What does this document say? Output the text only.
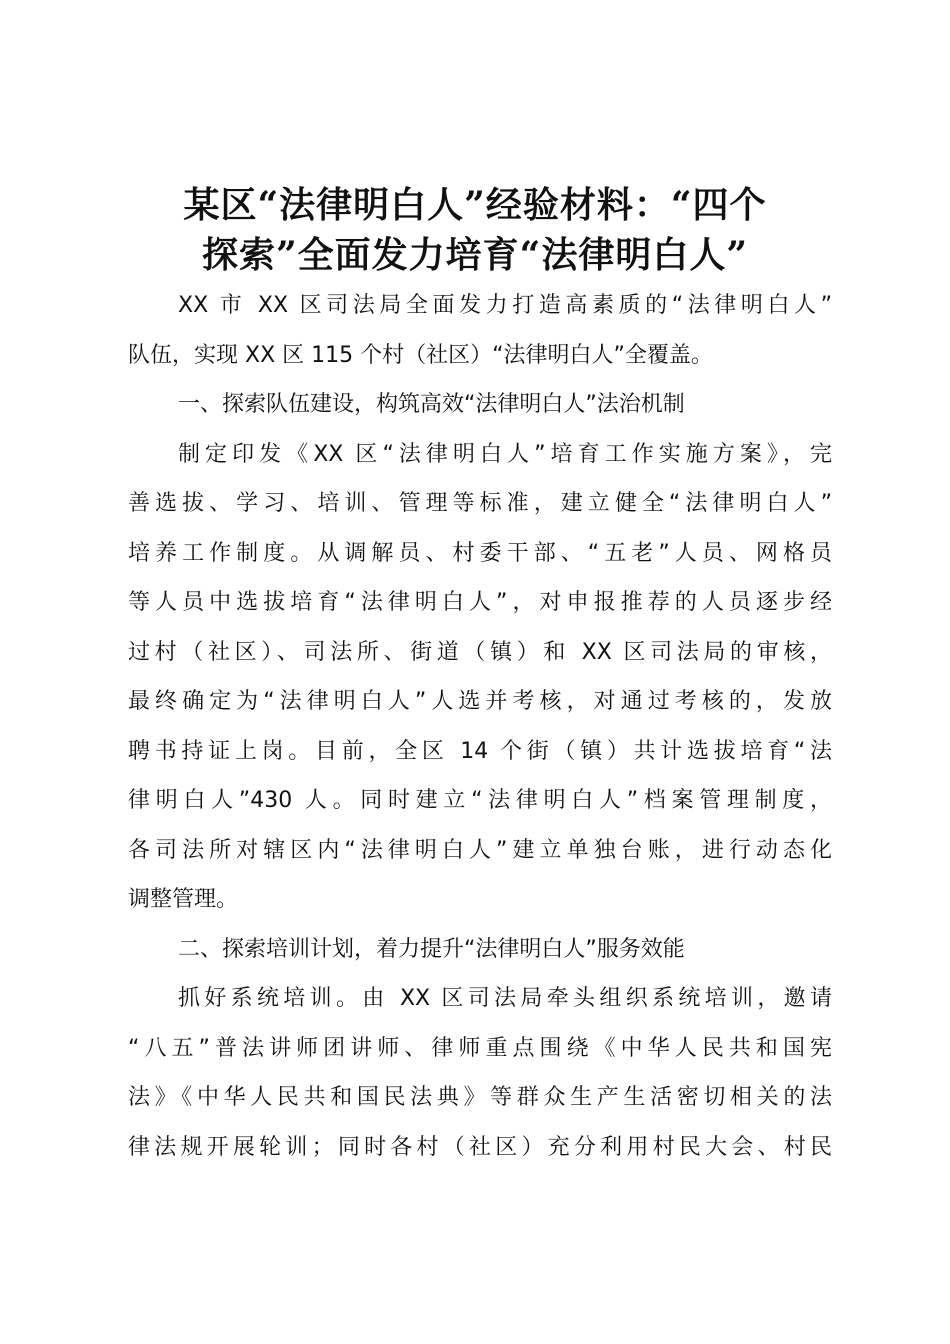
某区“法律明白人”经验材料：“四个
探索”全面发力培育“法律明白人”
XX 市 XX 区司法局全面发力打造高素质的“法律明白人”
队伍，实现 XX 区 115 个村（社区）“法律明白人”全覆盖。

一、探索队伍建设，构筑高效“法律明白人”法治机制

制定印发《XX 区“法律明白人”培育工作实施方案》，完
善选拔、学习、培训、管理等标准，建立健全“法律明白人”
培养工作制度。从调解员、村委干部、“五老”人员、网格员
等人员中选拔培育“法律明白人”，对申报推荐的人员逐步经
过村（社区）、司法所、街道（镇）和 XX 区司法局的审核，
最终确定为“法律明白人”人选并考核，对通过考核的，发放
聘书持证上岗。目前，全区 14 个街（镇）共计选拔培育“法
律明白人”430 人。同时建立“法律明白人”档案管理制度，
各司法所对辖区内“法律明白人”建立单独台账，进行动态化
调整管理。

二、探索培训计划，着力提升“法律明白人”服务效能

抓好系统培训。由 XX 区司法局牵头组织系统培训，邀请
“八五”普法讲师团讲师、律师重点围绕《中华人民共和国宪
法》《中华人民共和国民法典》等群众生产生活密切相关的法
律法规开展轮训；同时各村（社区）充分利用村民大会、村民
